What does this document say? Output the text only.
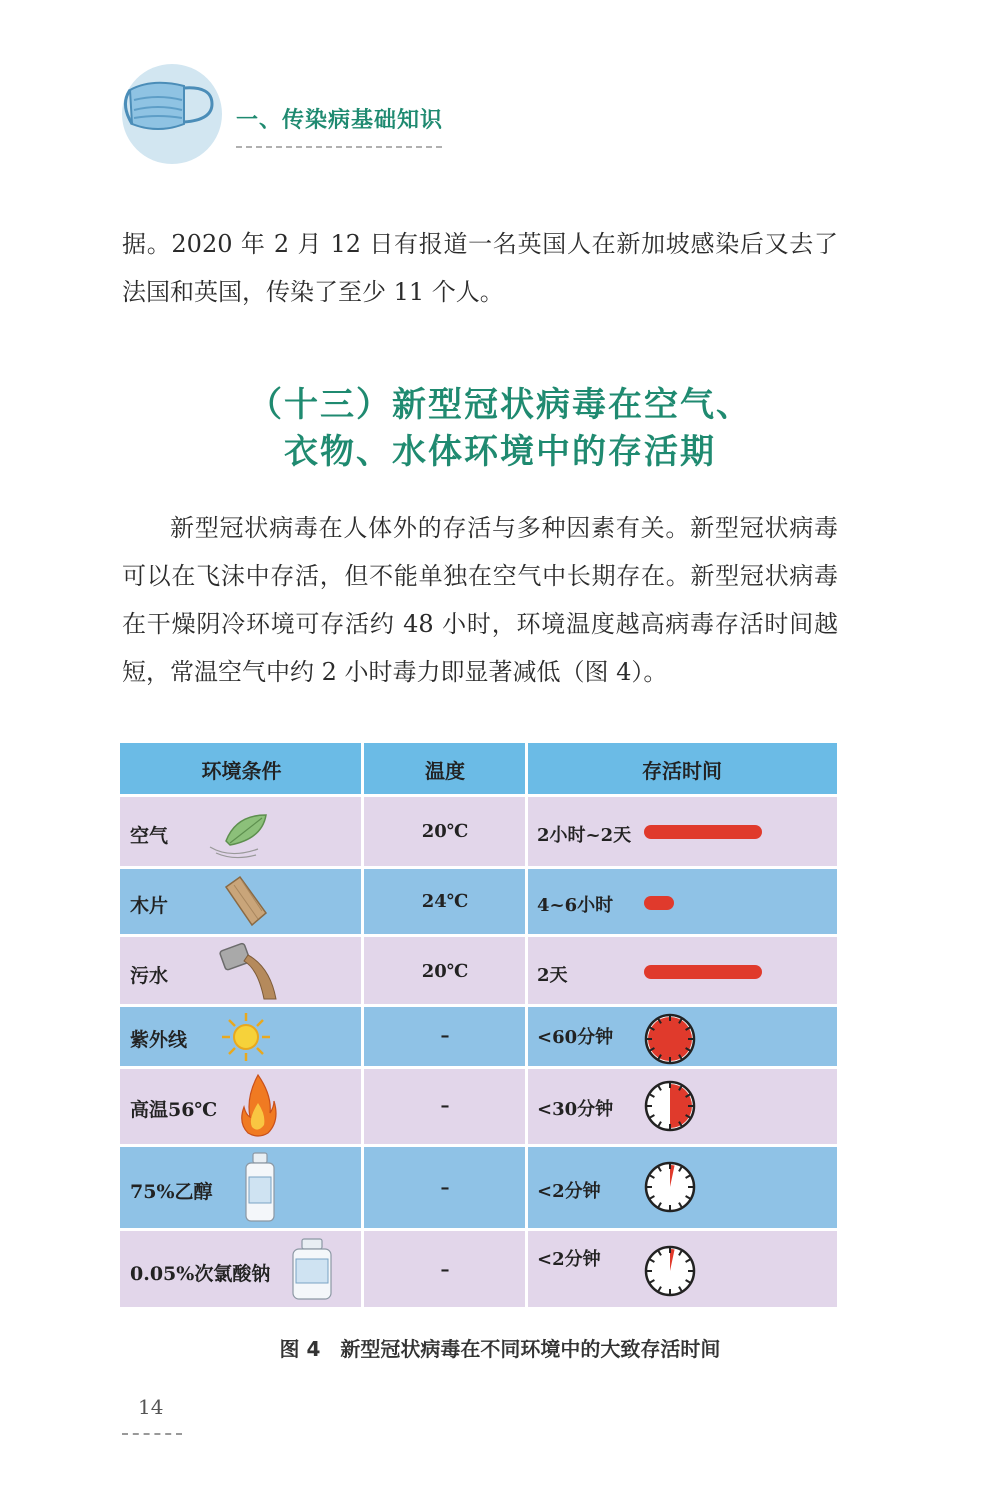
一、传染病基础知识
据。2020 年 2 月 12 日有报道一名英国人在新加坡感染后又去了法国和英国，传染了至少 11 个人。
（十三）新型冠状病毒在空气、
衣物、水体环境中的存活期
新型冠状病毒在人体外的存活与多种因素有关。新型冠状病毒可以在飞沫中存活，但不能单独在空气中长期存在。新型冠状病毒在干燥阴冷环境可存活约 48 小时，环境温度越高病毒存活时间越短，常温空气中约 2 小时毒力即显著减低（图 4）。
环境条件	温度	存活时间
空气	20℃	2小时~2天
木片	24℃	4~6小时
污水	20℃	2天
紫外线	–	<60分钟
高温56℃	–	<30分钟
75%乙醇	–	<2分钟
0.05%次氯酸钠	–	<2分钟
图 4　新型冠状病毒在不同环境中的大致存活时间
14
